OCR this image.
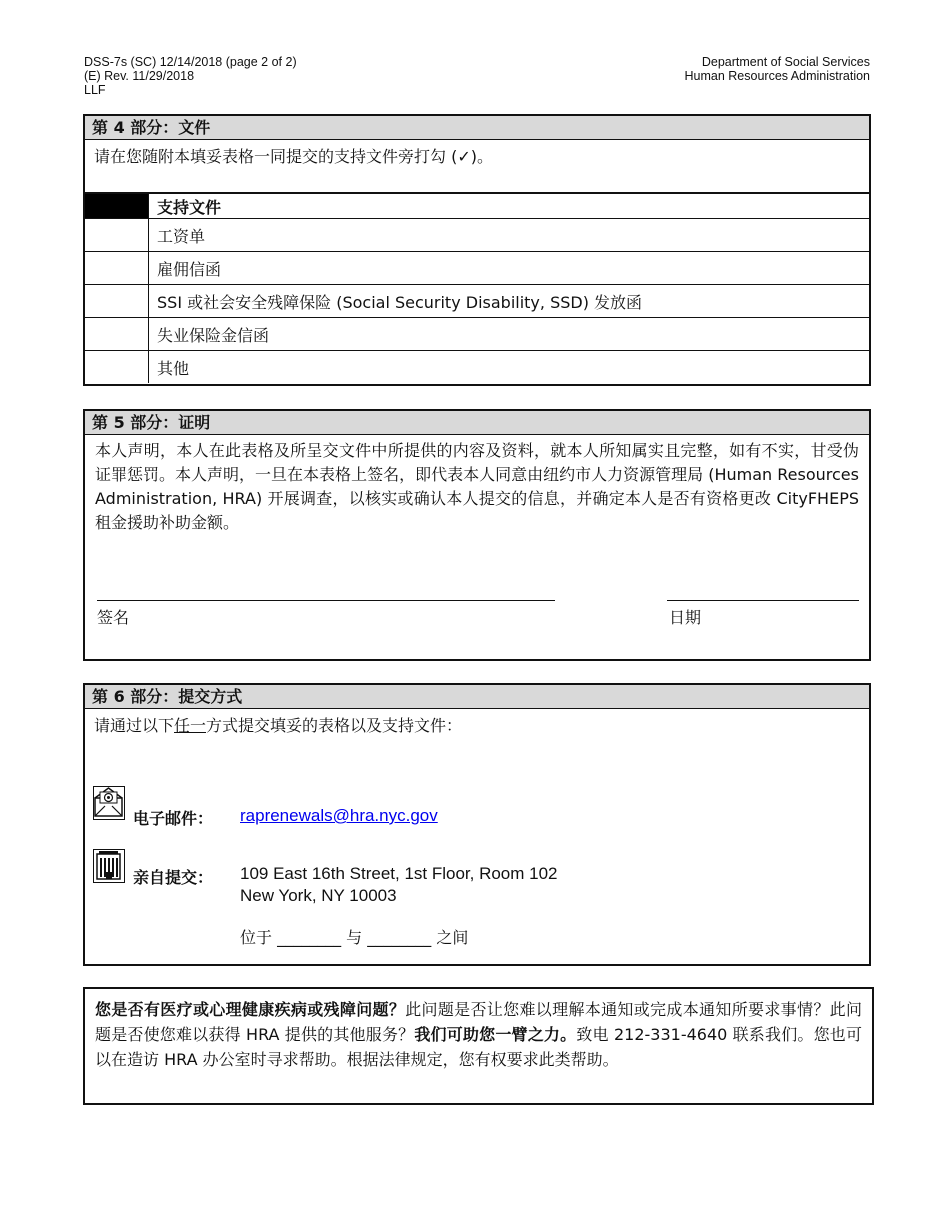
DSS-7s (SC) 12/14/2018 (page 2 of 2)
(E) Rev. 11/29/2018
LLF
Department of Social Services
Human Resources Administration
第 4 部分：文件
请在您随附本填妥表格一同提交的支持文件旁打勾 (✓)。
	支持文件
	工资单
	雇佣信函
	SSI 或社会安全残障保险 (Social Security Disability, SSD) 发放函
	失业保险金信函
	其他
第 5 部分：证明
本人声明，本人在此表格及所呈交文件中所提供的内容及资料，就本人所知属实且完整，如有不实，甘受伪证罪惩罚。本人声明，一旦在本表格上签名，即代表本人同意由纽约市人力资源管理局 (Human Resources Administration, HRA) 开展调查，以核实或确认本人提交的信息，并确定本人是否有资格更改 CityFHEPS 租金援助补助金额。
签名	日期
第 6 部分：提交方式
请通过以下任一方式提交填妥的表格以及支持文件：
电子邮件： raprenewals@hra.nyc.gov
亲自提交： 109 East 16th Street, 1st Floor, Room 102
New York, NY 10003
位于 ________ 与 ________ 之间
您是否有医疗或心理健康疾病或残障问题？此问题是否让您难以理解本通知或完成本通知所要求事情？此问题是否使您难以获得 HRA 提供的其他服务？我们可助您一臂之力。致电 212-331-4640 联系我们。您也可以在造访 HRA 办公室时寻求帮助。根据法律规定，您有权要求此类帮助。
